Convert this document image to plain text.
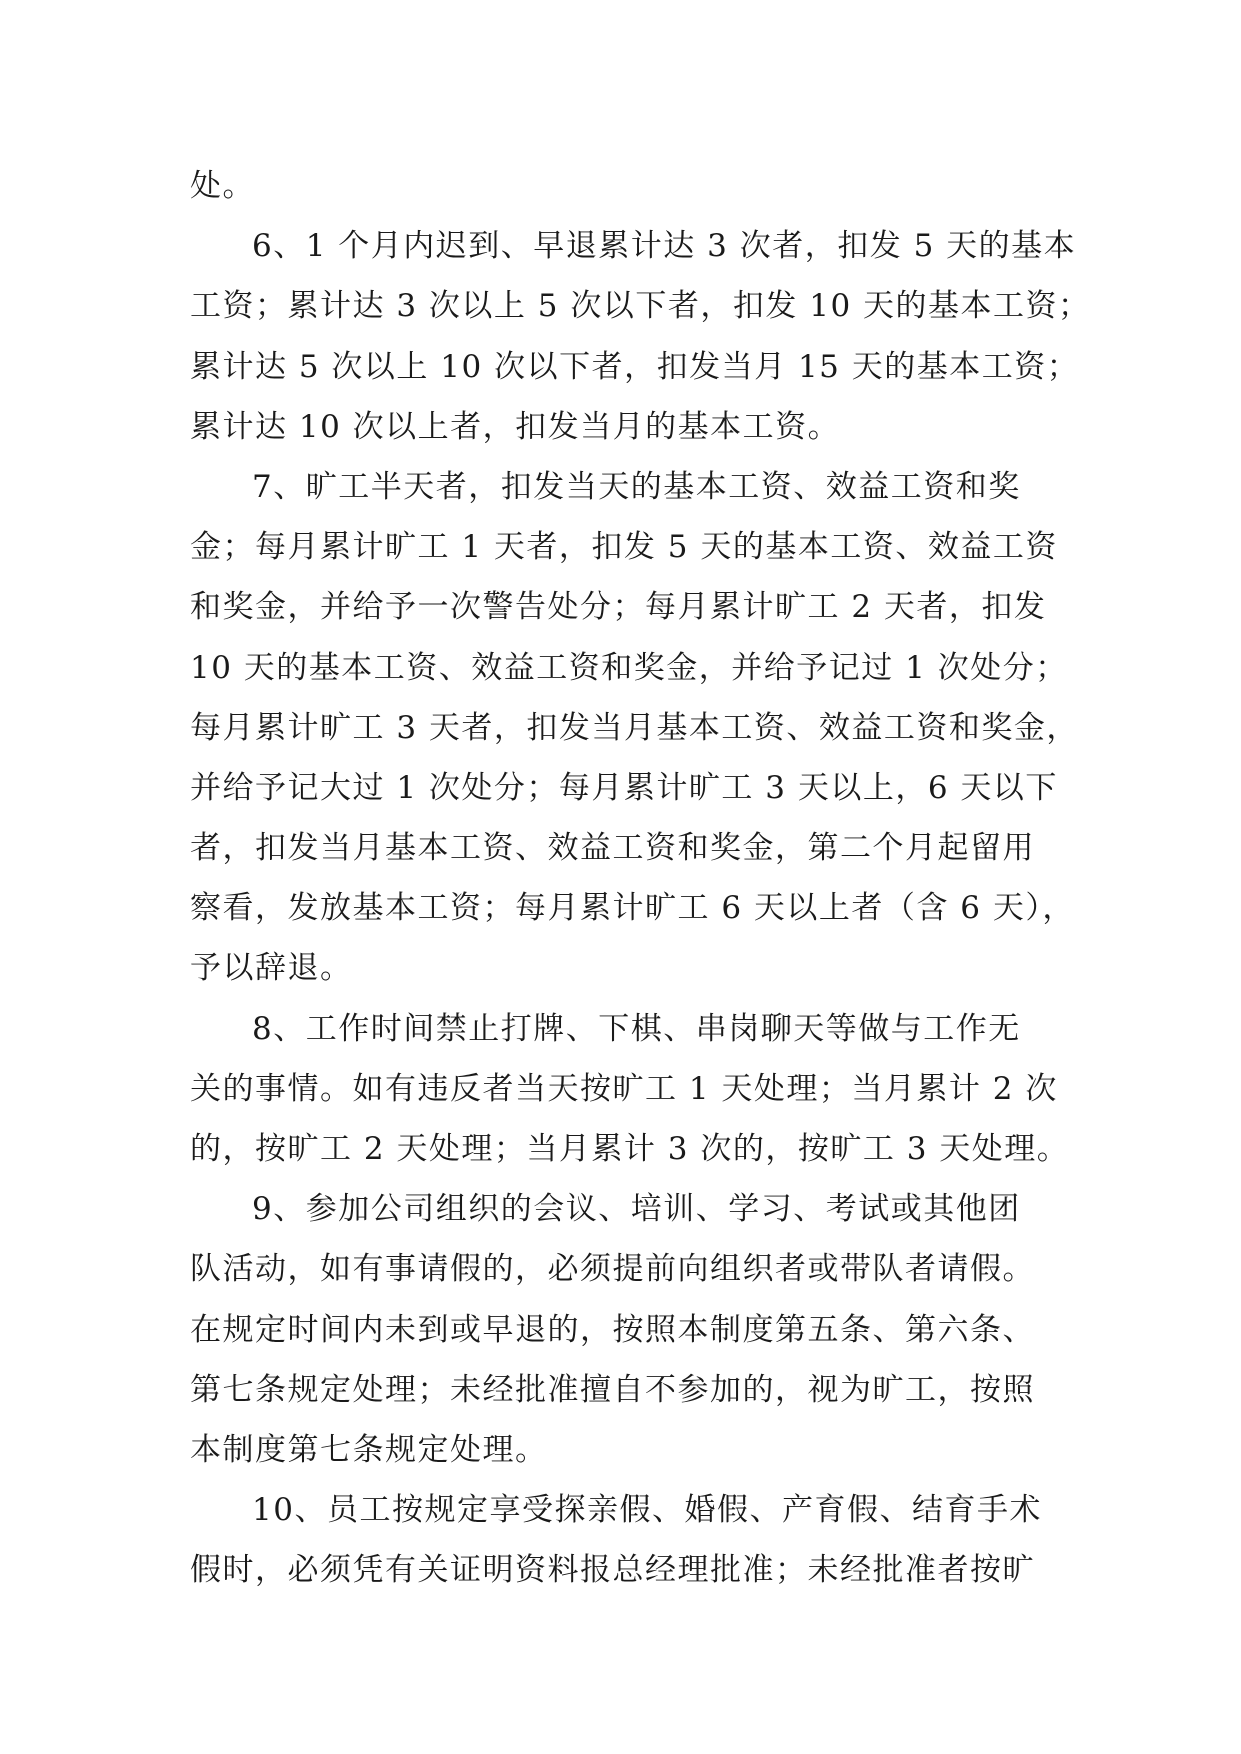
处。
6、1 个月内迟到、早退累计达 3 次者，扣发 5 天的基本
工资；累计达 3 次以上 5 次以下者，扣发 10 天的基本工资；
累计达 5 次以上 10 次以下者，扣发当月 15 天的基本工资；
累计达 10 次以上者，扣发当月的基本工资。
7、旷工半天者，扣发当天的基本工资、效益工资和奖
金；每月累计旷工 1 天者，扣发 5 天的基本工资、效益工资
和奖金，并给予一次警告处分；每月累计旷工 2 天者，扣发
10 天的基本工资、效益工资和奖金，并给予记过 1 次处分；
每月累计旷工 3 天者，扣发当月基本工资、效益工资和奖金，
并给予记大过 1 次处分；每月累计旷工 3 天以上，6 天以下
者，扣发当月基本工资、效益工资和奖金，第二个月起留用
察看，发放基本工资；每月累计旷工 6 天以上者（含 6 天），
予以辞退。
8、工作时间禁止打牌、下棋、串岗聊天等做与工作无
关的事情。如有违反者当天按旷工 1 天处理；当月累计 2 次
的，按旷工 2 天处理；当月累计 3 次的，按旷工 3 天处理。
9、参加公司组织的会议、培训、学习、考试或其他团
队活动，如有事请假的，必须提前向组织者或带队者请假。
在规定时间内未到或早退的，按照本制度第五条、第六条、
第七条规定处理；未经批准擅自不参加的，视为旷工，按照
本制度第七条规定处理。
10、员工按规定享受探亲假、婚假、产育假、结育手术
假时，必须凭有关证明资料报总经理批准；未经批准者按旷
